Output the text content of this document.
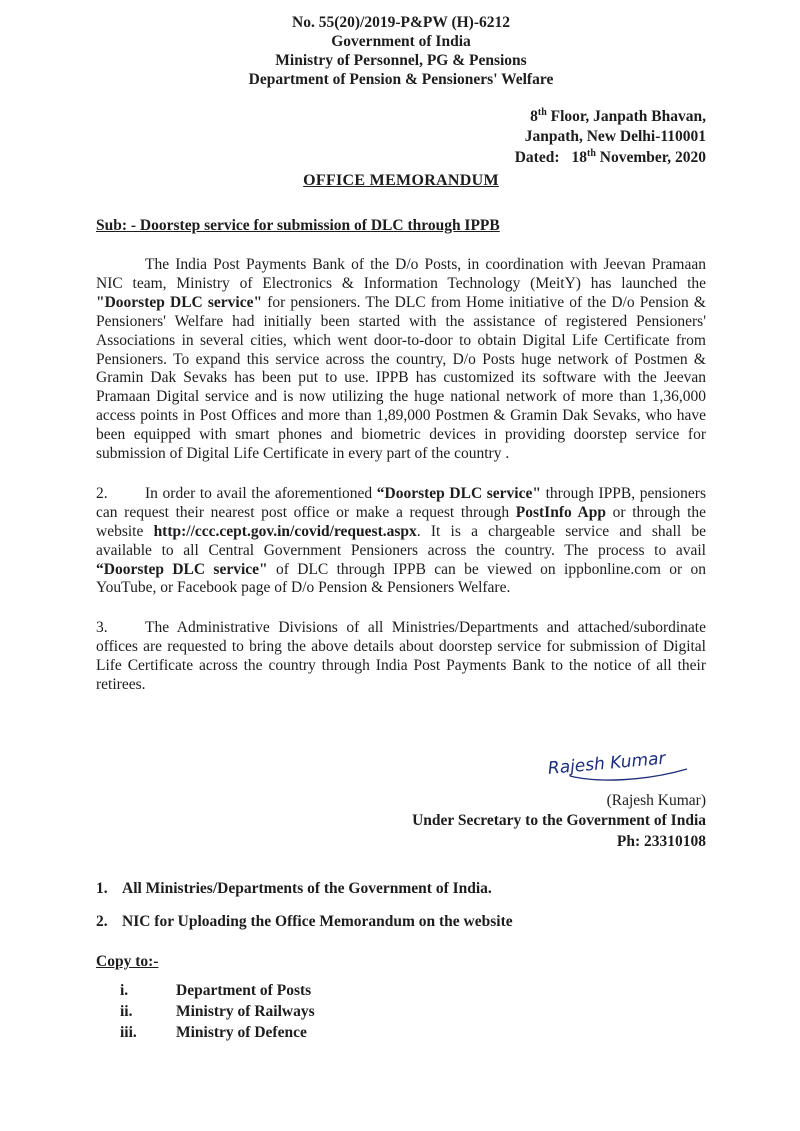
No. 55(20)/2019-P&PW (H)-6212
Government of India
Ministry of Personnel, PG & Pensions
Department of Pension & Pensioners' Welfare
8th Floor, Janpath Bhavan,
Janpath, New Delhi-110001
Dated: 18th November, 2020
OFFICE MEMORANDUM
Sub: - Doorstep service for submission of DLC through IPPB

The India Post Payments Bank of the D/o Posts, in coordination with Jeevan Pramaan NIC team, Ministry of Electronics & Information Technology (MeitY) has launched the "Doorstep DLC service" for pensioners. The DLC from Home initiative of the D/o Pension & Pensioners' Welfare had initially been started with the assistance of registered Pensioners' Associations in several cities, which went door-to-door to obtain Digital Life Certificate from Pensioners. To expand this service across the country, D/o Posts huge network of Postmen & Gramin Dak Sevaks has been put to use. IPPB has customized its software with the Jeevan Pramaan Digital service and is now utilizing the huge national network of more than 1,36,000 access points in Post Offices and more than 1,89,000 Postmen & Gramin Dak Sevaks, who have been equipped with smart phones and biometric devices in providing doorstep service for submission of Digital Life Certificate in every part of the country .

2. In order to avail the aforementioned “Doorstep DLC service" through IPPB, pensioners can request their nearest post office or make a request through PostInfo App or through the website http://ccc.cept.gov.in/covid/request.aspx. It is a chargeable service and shall be available to all Central Government Pensioners across the country. The process to avail “Doorstep DLC service" of DLC through IPPB can be viewed on ippbonline.com or on YouTube, or Facebook page of D/o Pension & Pensioners Welfare.

3. The Administrative Divisions of all Ministries/Departments and attached/subordinate offices are requested to bring the above details about doorstep service for submission of Digital Life Certificate across the country through India Post Payments Bank to the notice of all their retirees.

Rajesh Kumar
(Rajesh Kumar)
Under Secretary to the Government of India
Ph: 23310108
1. All Ministries/Departments of the Government of India.
2. NIC for Uploading the Office Memorandum on the website
Copy to:-
i.	Department of Posts
ii.	Ministry of Railways
iii.	Ministry of Defence
